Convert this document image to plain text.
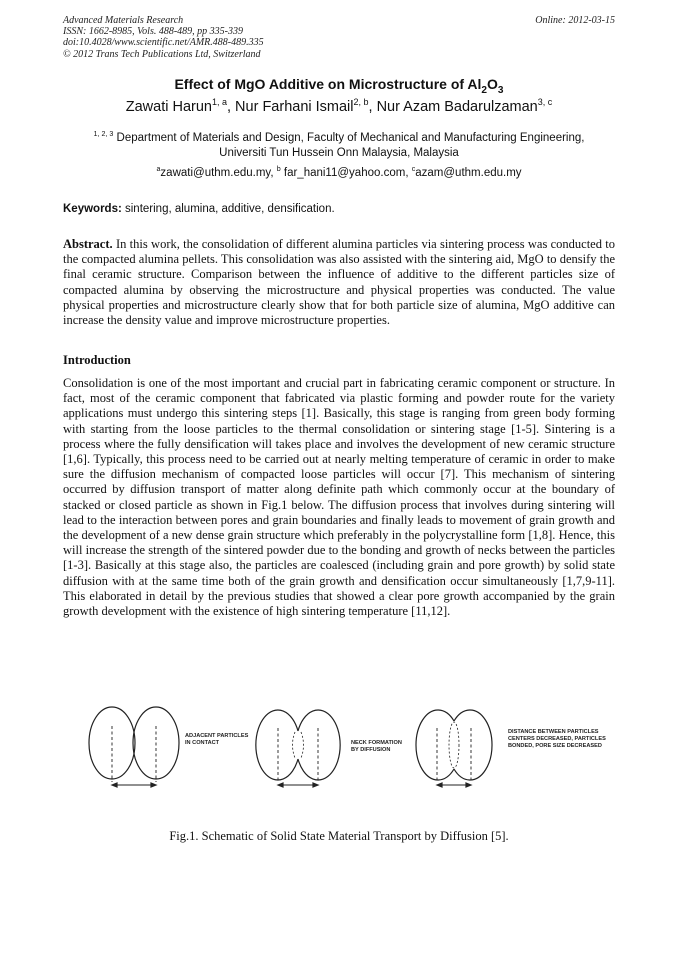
Advanced Materials Research
ISSN: 1662-8985, Vols. 488-489, pp 335-339
doi:10.4028/www.scientific.net/AMR.488-489.335
© 2012 Trans Tech Publications Ltd, Switzerland
Online: 2012-03-15
Effect of MgO Additive on Microstructure of $Al_2O_3$
Zawati Harun$^{1, a}$, Nur Farhani Ismail$^{2, b}$, Nur Azam Badarulzaman$^{3, c}$
$^{1, 2, 3}$ Department of Materials and Design, Faculty of Mechanical and Manufacturing Engineering,
Universiti Tun Hussein Onn Malaysia, Malaysia
$^a$zawati@uthm.edu.my, $^b$ far_hani11@yahoo.com, $^c$azam@uthm.edu.my
Keywords: sintering, alumina, additive, densification.

Abstract. In this work, the consolidation of different alumina particles via sintering process was conducted to the compacted alumina pellets. This consolidation was also assisted with the sintering aid, MgO to densify the final ceramic structure. Comparison between the influence of additive to the different particles size of compacted alumina by observing the microstructure and physical properties was conducted. The value physical properties and microstructure clearly show that for both particle size of alumina, MgO additive can increase the density value and improve microstructure properties.

Introduction

Consolidation is one of the most important and crucial part in fabricating ceramic component or structure. In fact, most of the ceramic component that fabricated via plastic forming and powder route for the variety applications must undergo this sintering steps [1]. Basically, this stage is ranging from green body forming with starting from the loose particles to the thermal consolidation or sintering stage [1-5]. Sintering is a process where the fully densification will takes place and involves the development of new ceramic structure [1,6]. Typically, this process need to be carried out at nearly melting temperature of ceramic in order to make sure the diffusion mechanism of compacted loose particles will occur [7]. This mechanism of sintering occurred by diffusion transport of matter along definite path which commonly occur at the boundary of stacked or closed particle as shown in Fig.1 below. The diffusion process that involves during sintering will lead to the interaction between pores and grain boundaries and finally leads to movement of grain growth and the development of a new dense grain structure which preferably in the polycrystalline form [1,8]. Hence, this will increase the strength of the sintered powder due to the bonding and growth of necks between the particles [1-3]. Basically at this stage also, the particles are coalesced (including grain and pore growth) by solid state diffusion with at the same time both of the grain growth and densification occur simultaneously [1,7,9-11]. This elaborated in detail by the previous studies that showed a clear pore growth accompanied by the grain growth development with the existence of high sintering temperature [11,12].

ADJACENT PARTICLES
IN CONTACT	NECK FORMATION
BY DIFFUSION
DISTANCE BETWEEN PARTICLES
CENTERS DECREASED, PARTICLES
BONDED, PORE SIZE DECREASED
Fig.1. Schematic of Solid State Material Transport by Diffusion [5].
